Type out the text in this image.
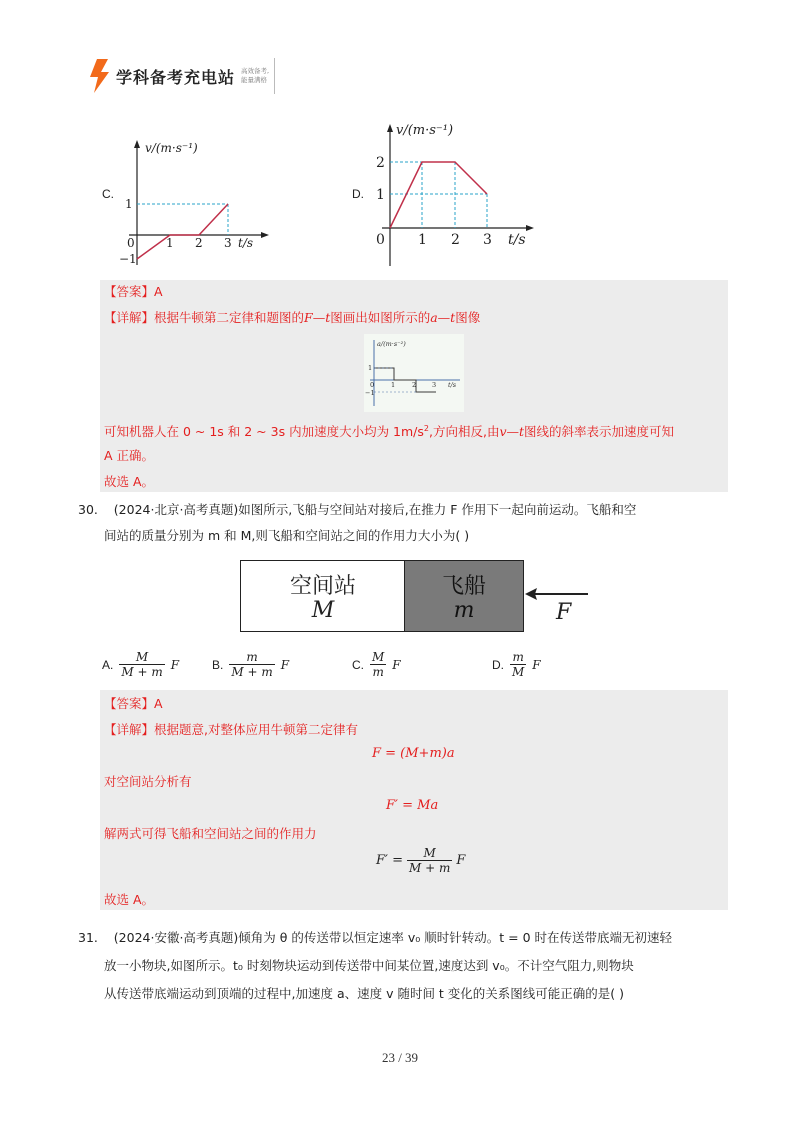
学科备考充电站 高效备考,
能量满格
C.
v/(m·s⁻¹)
1
−1
0	1 2 3 t/s
D.
v/(m·s⁻¹)
2
1
0 1 2 3 t/s
【答案】A
【详解】根据牛顿第二定律和题图的F—t图画出如图所示的a—t图像
a/(m·s⁻²)
1
−1
0	1	2 3 t/s
可知机器人在 0 ~ 1s 和 2 ~ 3s 内加速度大小均为 $1m/s^2$,方向相反,由v—t图线的斜率表示加速度可知
A 正确。
故选 A。
30. (2024·北京·高考真题)如图所示,飞船与空间站对接后,在推力 F 作用下一起向前运动。飞船和空
间站的质量分别为 m 和 M,则飞船和空间站之间的作用力大小为( )
空间站
M
飞船
m	F
A. $\frac{M}{M + m}$ F	B. $\frac{m}{M + m}$ F	C. $\frac{M}{m}$ F	D. $\frac{m}{M}$ F
【答案】A
【详解】根据题意,对整体应用牛顿第二定律有
F = (M+m)a
对空间站分析有
F′ = Ma
解两式可得飞船和空间站之间的作用力
$F' = \frac{M}{M + m}$ F
故选 A。
31. (2024·安徽·高考真题)倾角为 θ 的传送带以恒定速率 v₀ 顺时针转动。t = 0 时在传送带底端无初速轻
放一小物块,如图所示。t₀ 时刻物块运动到传送带中间某位置,速度达到 v₀。不计空气阻力,则物块
从传送带底端运动到顶端的过程中,加速度 a、速度 v 随时间 t 变化的关系图线可能正确的是( )
23 / 39
